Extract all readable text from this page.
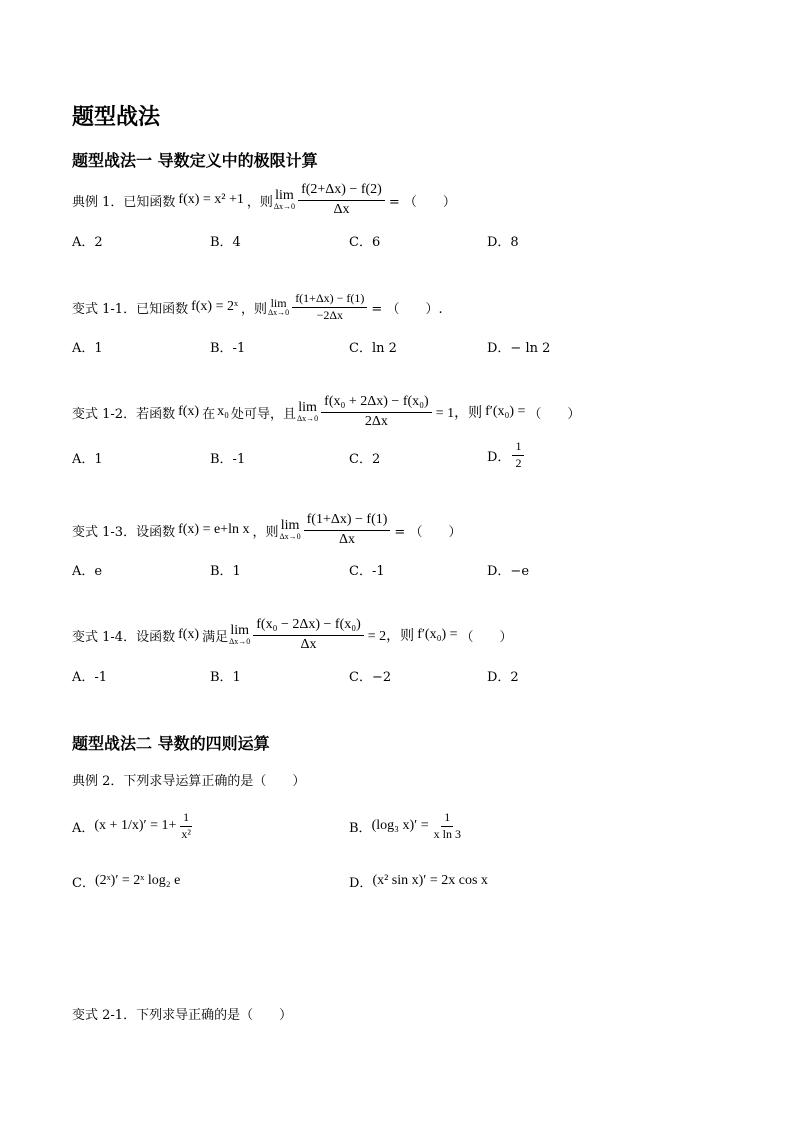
题型战法
题型战法一 导数定义中的极限计算
典例 1．已知函数 f(x) = x² +1 ，则 lim
$\Delta x\to 0 \frac{f(2+\Delta x) - f(2)}{\Delta x}$ = （　　）
A．2	B．4	C．6	D．8
变式 1-1．已知函数 f(x) = 2ˣ ，则 lim
$\Delta x\to 0 \frac{f(1+\Delta x) - f(1)}{-2\Delta x}$ = （　　）.
A．1	B．-1	C．ln 2	D．− ln 2
变式 1-2．若函数 f(x) 在 x₀ 处可导，且 lim
$\Delta x\to 0 \frac{\text{f(x₀ + 2Δx) − f(x₀)}}{2\Delta x} = 1$，则 f′(x₀) = （　　）
A．1	B．-1	C．2	D． $\frac{1}{2}$
变式 1-3．设函数 f(x) = e+ln x ，则 lim
$\Delta x\to 0 \frac{f(1+\Delta x) - f(1)}{\Delta x}$ = （　　）
A．e	B．1	C．-1	D．−e
变式 1-4．设函数 f(x) 满足 lim
$\Delta x\to 0 \frac{\text{f(x₀ − 2Δx) − f(x₀)}}{\Delta x} = 2$，则 f′(x₀) = （　　）
A．-1	B．1	C．−2	D．2
题型战法二 导数的四则运算
典例 2．下列求导运算正确的是（　　）
A． $(x + 1/x)' = 1+ \frac{1}{\text{x²}}$	B． (log₃ $x)' = \frac{1}{\text{x ln 3}}$
C． (2ˣ)′ = 2ˣ log₂ e	D． (x² sin x)′ = 2x cos x
变式 2-1．下列求导正确的是（　　）
